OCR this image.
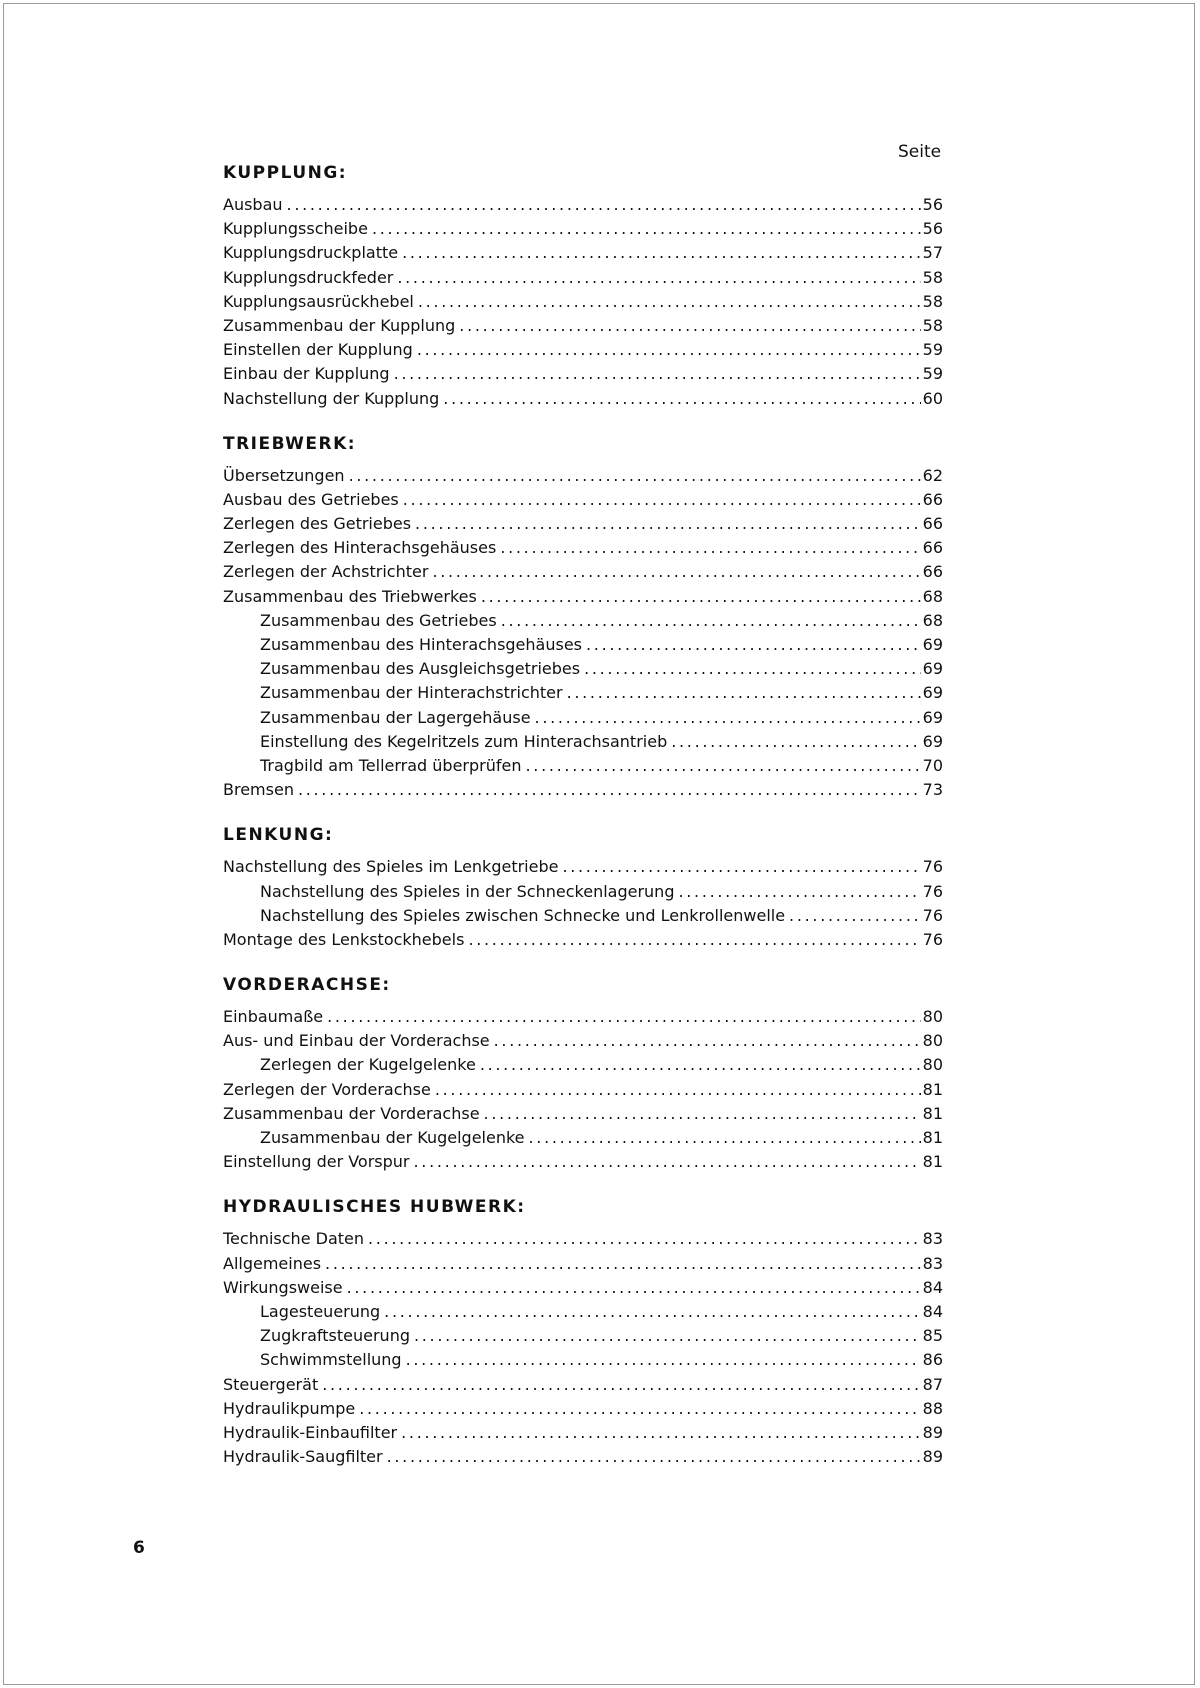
Seite
KUPPLUNG:
Ausbau .....	56
Kupplungsscheibe .....	56
Kupplungsdruckplatte .....	57
Kupplungsdruckfeder .....	58
Kupplungsausrückhebel .....	58
Zusammenbau der Kupplung .....	58
Einstellen der Kupplung .....	59
Einbau der Kupplung .....	59
Nachstellung der Kupplung .....	60
TRIEBWERK:
Übersetzungen .....	62
Ausbau des Getriebes .....	66
Zerlegen des Getriebes .....	66
Zerlegen des Hinterachsgehäuses .....	66
Zerlegen der Achstrichter .....	66
Zusammenbau des Triebwerkes .....	68
Zusammenbau des Getriebes .....	68
Zusammenbau des Hinterachsgehäuses .....	69
Zusammenbau des Ausgleichsgetriebes .....	69
Zusammenbau der Hinterachstrichter .....	69
Zusammenbau der Lagergehäuse .....	69
Einstellung des Kegelritzels zum Hinterachsantrieb .....	69
Tragbild am Tellerrad überprüfen .....	70
Bremsen .....	73
LENKUNG:
Nachstellung des Spieles im Lenkgetriebe .....	76
Nachstellung des Spieles in der Schneckenlagerung .....	76
Nachstellung des Spieles zwischen Schnecke und Lenkrollenwelle .....	76
Montage des Lenkstockhebels .....	76
VORDERACHSE:
Einbaumaße .....	80
Aus- und Einbau der Vorderachse .....	80
Zerlegen der Kugelgelenke .....	80
Zerlegen der Vorderachse .....	81
Zusammenbau der Vorderachse .....	81
Zusammenbau der Kugelgelenke .....	81
Einstellung der Vorspur .....	81
HYDRAULISCHES HUBWERK:
Technische Daten .....	83
Allgemeines .....	83
Wirkungsweise .....	84
Lagesteuerung .....	84
Zugkraftsteuerung .....	85
Schwimmstellung .....	86
Steuergerät .....	87
Hydraulikpumpe .....	88
Hydraulik-Einbaufilter .....	89
Hydraulik-Saugfilter .....	89
6
